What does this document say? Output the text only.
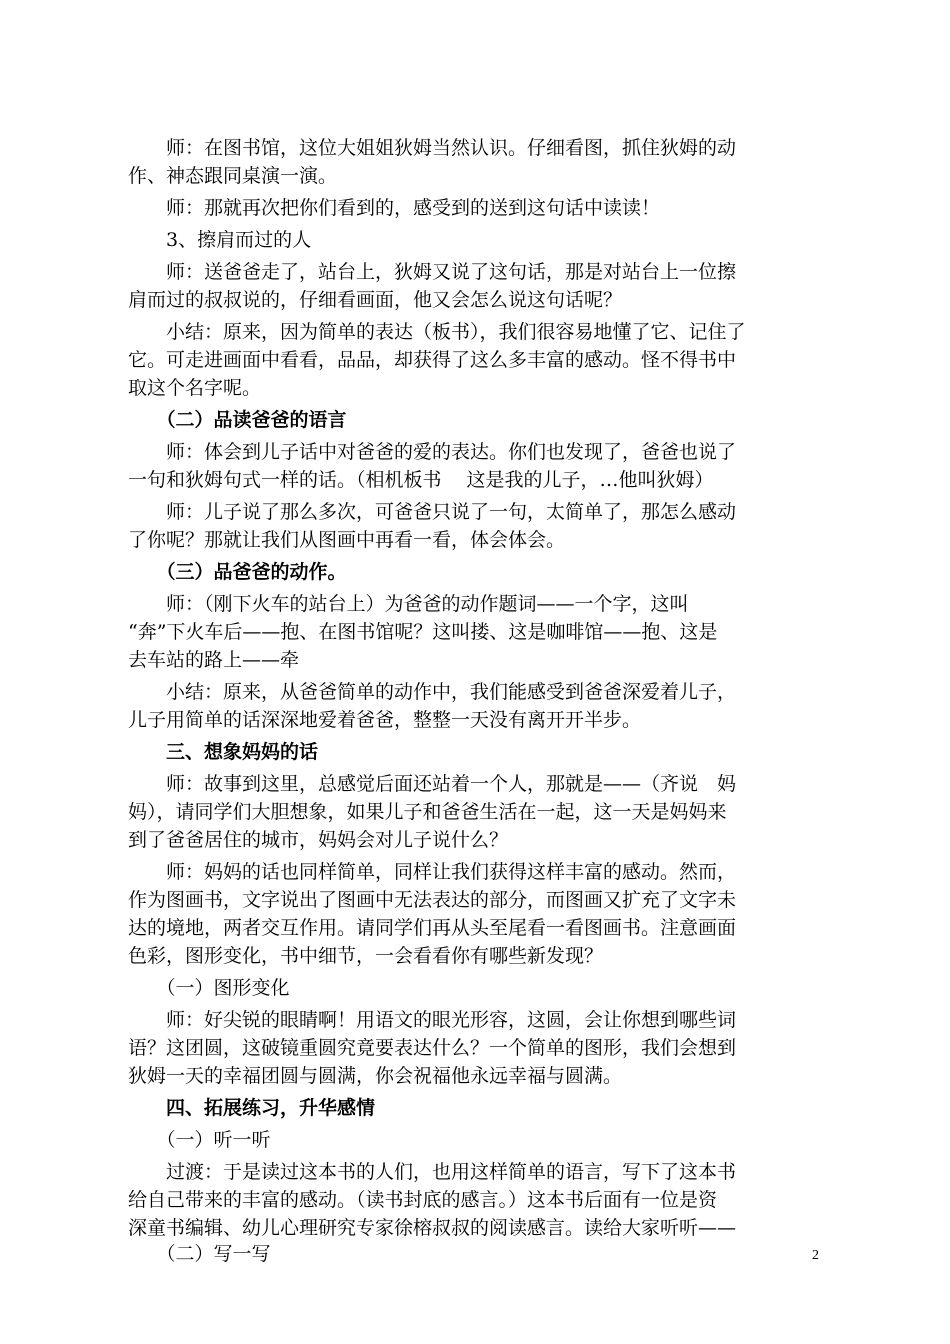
　　师：在图书馆，这位大姐姐狄姆当然认识。仔细看图，抓住狄姆的动
作、神态跟同桌演一演。
　　师：那就再次把你们看到的，感受到的送到这句话中读读！
　　3、擦肩而过的人
　　师：送爸爸走了，站台上，狄姆又说了这句话，那是对站台上一位擦
肩而过的叔叔说的，仔细看画面，他又会怎么说这句话呢？
　　小结：原来，因为简单的表达（板书），我们很容易地懂了它、记住了
它。可走进画面中看看，品品，却获得了这么多丰富的感动。怪不得书中
取这个名字呢。
　　（二）品读爸爸的语言
　　师：体会到儿子话中对爸爸的爱的表达。你们也发现了，爸爸也说了
一句和狄姆句式一样的话。（相机板书　 这是我的儿子，…他叫狄姆）
　　师：儿子说了那么多次，可爸爸只说了一句，太简单了，那怎么感动
了你呢？那就让我们从图画中再看一看，体会体会。
　　（三）品爸爸的动作。
　　师：（刚下火车的站台上）为爸爸的动作题词——一个字，这叫
“奔”下火车后——抱、在图书馆呢？这叫搂、这是咖啡馆——抱、这是
去车站的路上——牵
　　小结：原来，从爸爸简单的动作中，我们能感受到爸爸深爱着儿子，
儿子用简单的话深深地爱着爸爸，整整一天没有离开开半步。
　　三、想象妈妈的话
　　师：故事到这里，总感觉后面还站着一个人，那就是——（齐说　妈
妈），请同学们大胆想象，如果儿子和爸爸生活在一起，这一天是妈妈来
到了爸爸居住的城市，妈妈会对儿子说什么？
　　师：妈妈的话也同样简单，同样让我们获得这样丰富的感动。然而，
作为图画书，文字说出了图画中无法表达的部分，而图画又扩充了文字未
达的境地，两者交互作用。请同学们再从头至尾看一看图画书。注意画面
色彩，图形变化，书中细节，一会看看你有哪些新发现？
　　（一）图形变化
　　师：好尖锐的眼睛啊！用语文的眼光形容，这圆，会让你想到哪些词
语？这团圆，这破镜重圆究竟要表达什么？一个简单的图形，我们会想到
狄姆一天的幸福团圆与圆满，你会祝福他永远幸福与圆满。
　　四、拓展练习，升华感情
　　（一）听一听
　　过渡：于是读过这本书的人们，也用这样简单的语言，写下了这本书
给自己带来的丰富的感动。（读书封底的感言。）这本书后面有一位是资
深童书编辑、幼儿心理研究专家徐榕叔叔的阅读感言。读给大家听听——
　　（二）写一写	2
